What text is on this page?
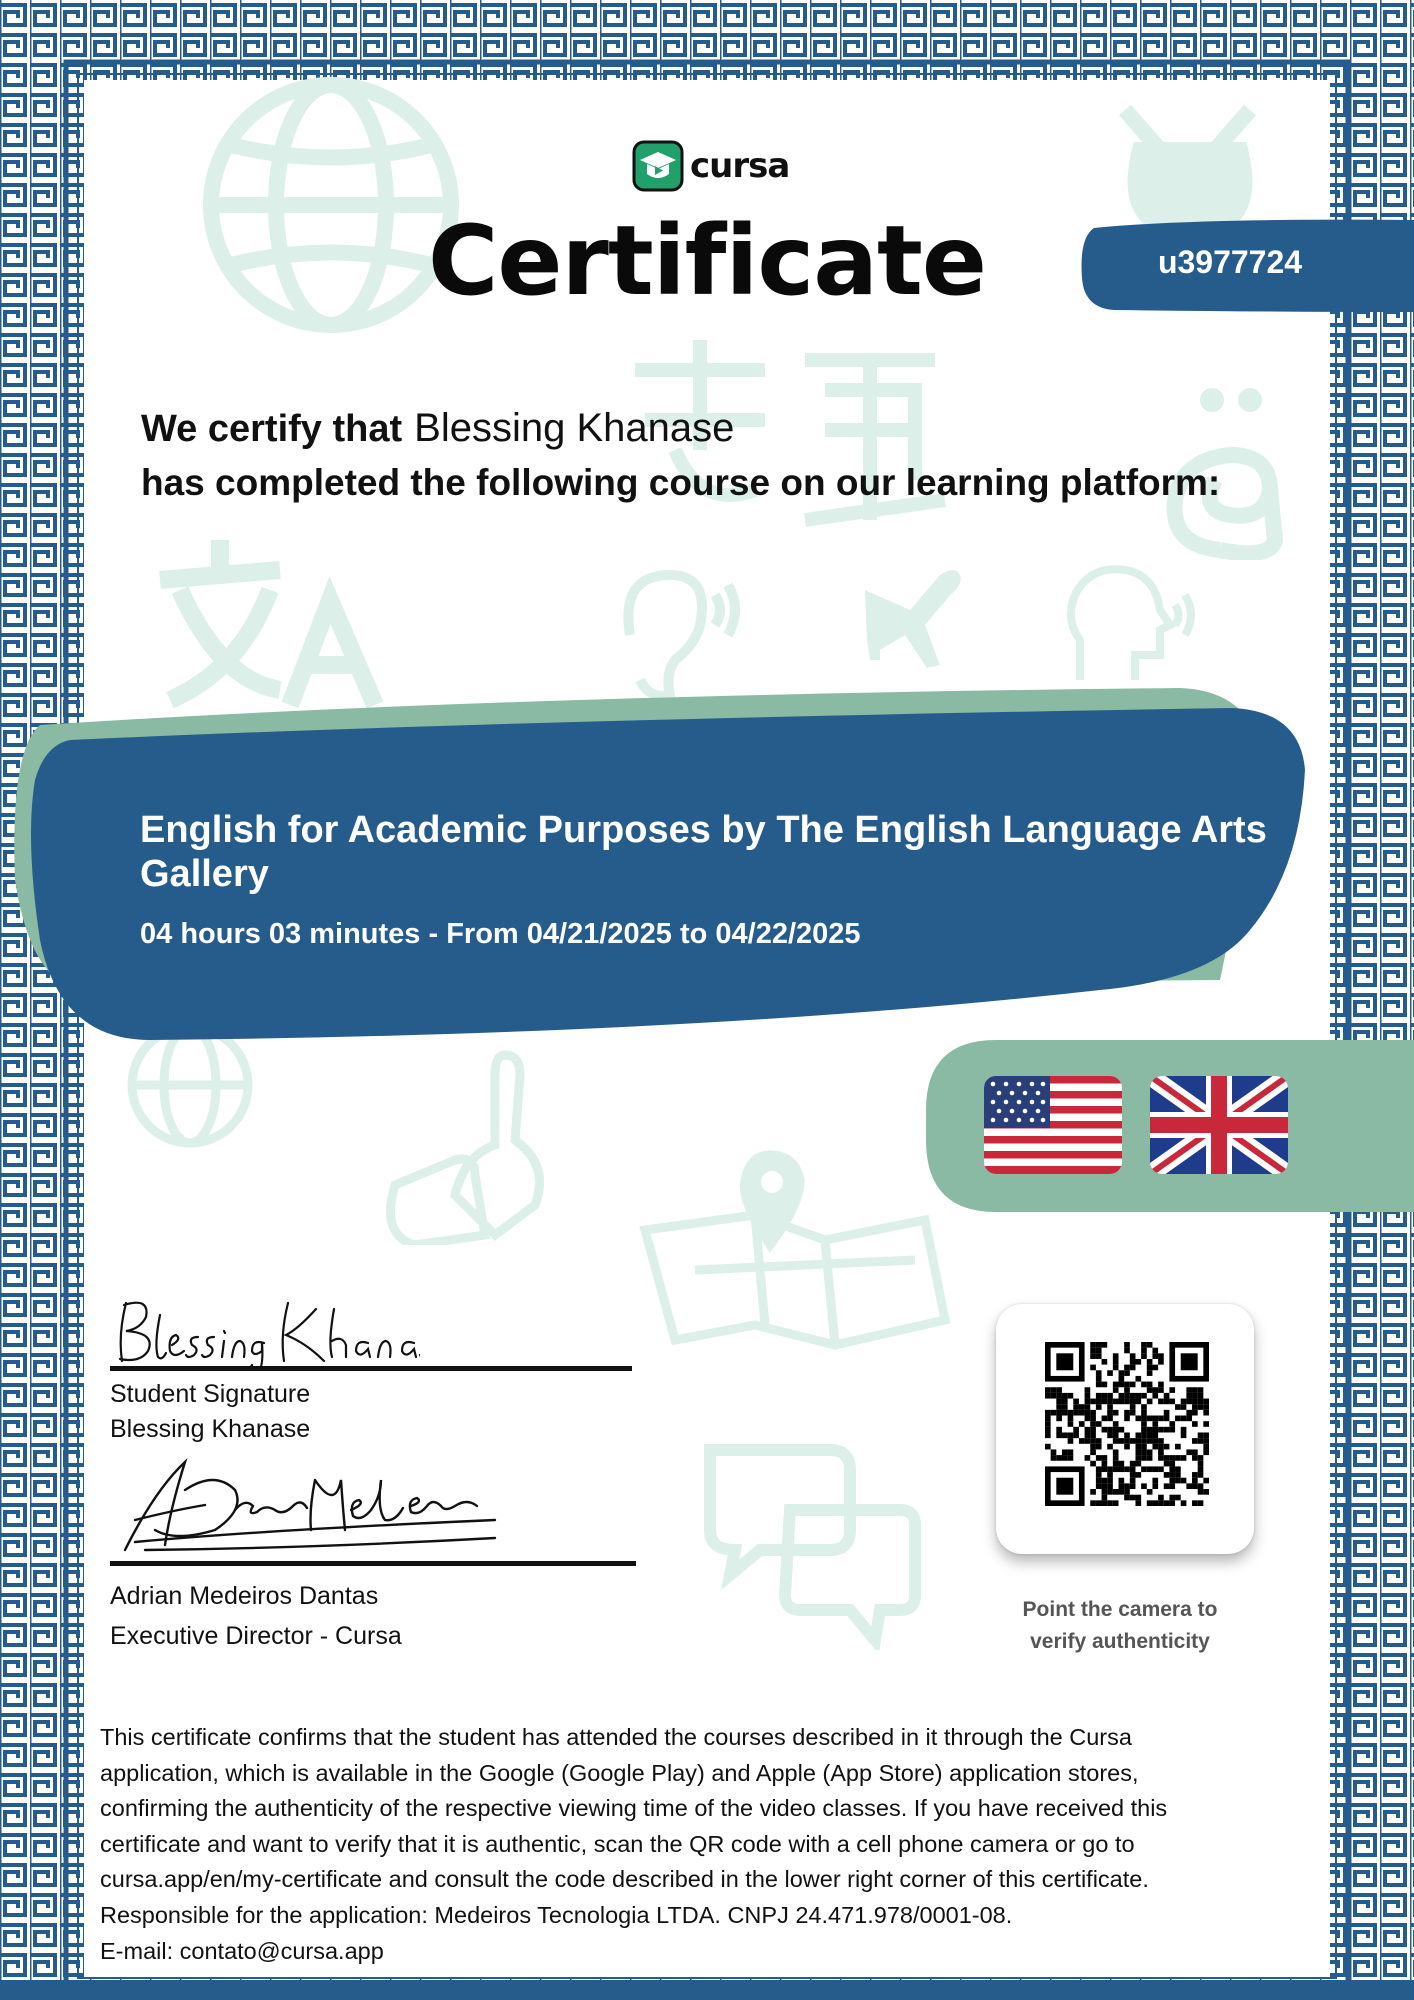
cursa
Certificate	u3977724
We certify that Blessing Khanase
has completed the following course on our learning platform:
English for Academic Purposes by The English Language Arts Gallery
04 hours 03 minutes - From 04/21/2025 to 04/22/2025
Student Signature
Blessing Khanase
Adrian Medeiros Dantas
Executive Director - Cursa
Point the camera to
verify authenticity
This certificate confirms that the student has attended the courses described in it through the Cursa
application, which is available in the Google (Google Play) and Apple (App Store) application stores,
confirming the authenticity of the respective viewing time of the video classes. If you have received this
certificate and want to verify that it is authentic, scan the QR code with a cell phone camera or go to
cursa.app/en/my-certificate and consult the code described in the lower right corner of this certificate.
Responsible for the application: Medeiros Tecnologia LTDA. CNPJ 24.471.978/0001-08.
E-mail: contato@cursa.app
